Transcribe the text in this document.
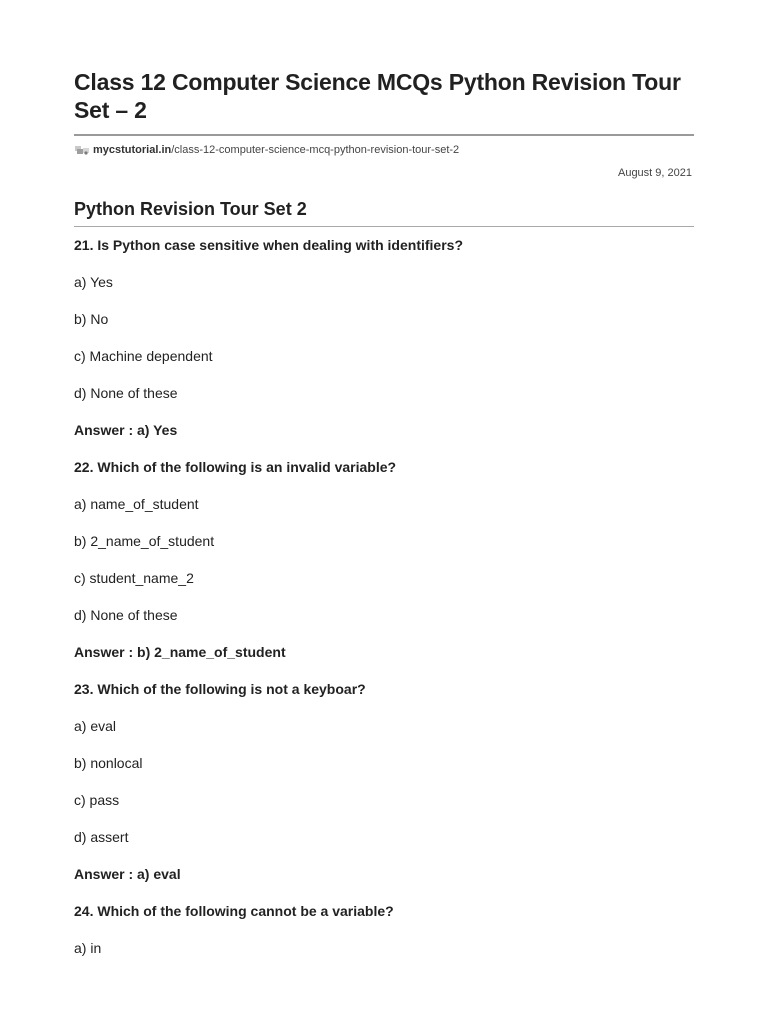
Class 12 Computer Science MCQs Python Revision Tour Set – 2
mycstutorial.in /class-12-computer-science-mcq-python-revision-tour-set-2
August 9, 2021
Python Revision Tour Set 2
21. Is Python case sensitive when dealing with identifiers?
a) Yes
b) No
c) Machine dependent
d) None of these
Answer : a) Yes
22. Which of the following is an invalid variable?
a) name_of_student
b) 2_name_of_student
c) student_name_2
d) None of these
Answer : b) 2_name_of_student
23. Which of the following is not a keyboar?
a) eval
b) nonlocal
c) pass
d) assert
Answer : a) eval
24. Which of the following cannot be a variable?
a) in
